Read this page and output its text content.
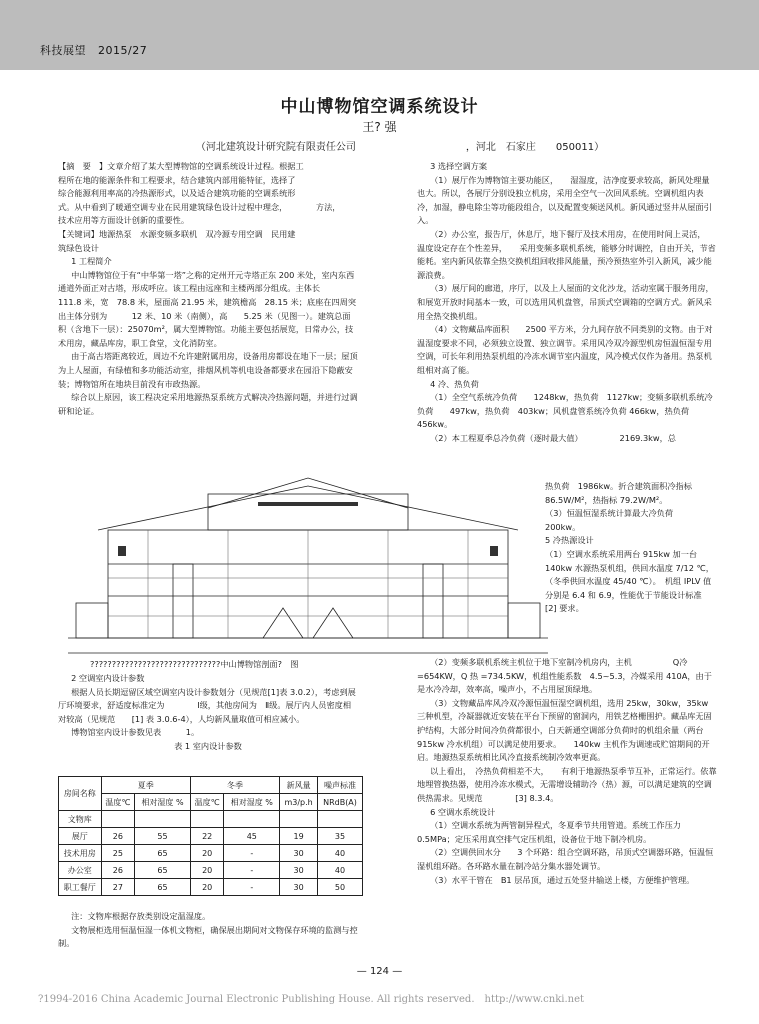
科技展望 2015/27
中山博物馆空调系统设计
王? 强
（河北建筑设计研究院有限责任公司　　　　　　　　　　　，河北　石家庄　　050011）

【摘　要　】文章介绍了某大型博物馆的空调系统设计过程。根据工

程所在地的能源条件和工程要求，结合建筑内部用能特征，选择了

综合能源利用率高的冷热源形式，以及适合建筑功能的空调系统形

式。从中看到了暖通空调专业在民用建筑绿色设计过程中理念，　　　　方法，

技术应用等方面设计创新的重要性。

【关键词】地源热泵　水源变频多联机　双冷源专用空调　民用建

筑绿色设计

1 工程简介

中山博物馆位于有“中华第一塔”之称的定州开元寺塔正东 200 米处，室内东西通道外面正对古塔，形成呼应。该工程由远座和主楼两部分组成。主体长　　　111.8 米，宽　78.8 米，屋面高 21.95 米，建筑檐高　28.15 米；底座在四周突出主体分别为　　　12 米、10 米（南侧），高　　5.25 米（见图一）。建筑总面积（含地下一层）：25070m²，属大型博物馆。功能主要包括展览，日常办公，技术用房，藏品库房，职工食堂，文化消防室。

由于高古塔距离较近，周边不允许建附属用房，设备用房都设在地下一层；屋顶为上人屋面，有绿植和多功能活动室，排烟风机等机电设备都要求在园沿下隐蔽安装；博物馆所在地块目前没有市政热源。

综合以上原因，该工程决定采用地源热泵系统方式解决冷热源问题，并进行过调研和论证。

3 选择空调方案

（1）展厅作为博物馆主要功能区，　　湿湿度，洁净度要求较高，新风处理量也大。所以，各展厅分别设独立机房，采用全空气一次回风系统。空调机组内表冷，加湿，静电除尘等功能段组合，以及配置变频送风机。新风通过竖井从屋面引入。

（2）办公室，报告厅，休息厅，地下餐厅及技术用房，在使用时间上灵活，　温度设定存在个性差异，　　采用变频多联机系统，能够分时调控，自由开关，节省能耗。室内新风依靠全热交换机组回收排风能量，预冷预热室外引入新风，减少能源浪费。

（3）展厅间的廊道，序厅，以及上人屋面的文化沙龙，活动室属于服务用房，和展览开放时间基本一致，可以选用风机盘管，吊顶式空调箱的空调方式。新风采用全热交换机组。

（4）文物藏品库面积　　2500 平方米，分九间存放不同类别的文物。由于对温湿度要求不同，必须独立设置、独立调节。采用风冷双冷源型机房恒温恒湿专用空调，可长年利用热泵机组的冷冻水调节室内温度，风冷模式仅作为备用。热泵机组相对高了能。

4 冷、热负荷

（1）全空气系统冷负荷　　1248kw，热负荷　1127kw；变频多联机系统冷负荷　　497kw，热负荷　403kw；风机盘管系统冷负荷 466kw，热负荷　456kw。

（2）本工程夏季总冷负荷（逐时最大值）　　　　　2169.3kw，总

热负荷　1986kw。折合建筑面积冷指标　86.5W/M²，热指标 79.2W/M²。

（3）恒温恒湿系统计算最大冷负荷　200kw。

5 冷热源设计

（1）空调水系统采用两台 915kw 加一台 140kw 水源热泵机组，供回水温度 7/12 ℃，（冬季供回水温度 45/40 ℃）。　机组 IPLV 值分别是 6.4 和 6.9，性能优于节能设计标准　　[2] 要求。

??????????????????????????????中山博物馆剖面?　图

2 空调室内设计参数

根据人员长期逗留区域空调室内设计参数划分（见规范[1]表 3.0.2），考虑到展厅环境要求，舒适度标准定为　　　　Ⅰ级，其他房间为　Ⅱ级。展厅内人员密度相对较高（见规范　　[1] 表 3.0.6-4），人均新风量取值可相应减小。

博物馆室内设计参数见表　　　1。

表 1 室内设计参数

房间名称	夏季		冬季		新风量	噪声标准
	温度℃	相对湿度 %	温度℃	相对湿度 %	m3/p.h	NRdB(A)
文物库						
展厅	26	55	22	45	19	35
技术用房	25	65	20	-	30	40
办公室	26	65	20	-	30	40
职工餐厅	27	65	20	-	30	50

注：文物库根据存放类别设定温湿度。

文物展柜选用恒温恒湿一体机文物柜，确保展出期间对文物保存环境的监测与控制。

（2）变频多联机系统主机位于地下室制冷机房内，主机　　　　　Q冷 =654KW，Q 热 =734.5KW，机组性能系数　4.5~5.3，冷媒采用 410A，由于是水冷冷却，效率高，噪声小，不占用屋顶绿地。

（3）文物藏品库风冷双冷源恒温恒湿空调机组，选用 25kw，30kw，35kw 三种机型，冷凝器就近安装在平台下预留的窗洞内，用铁艺格栅围护。藏品库无固护结构，大部分时间冷负荷都很小，白天新通空调部分负荷时的机组余量（两台　　　915kw 冷水机组）可以满足使用要求。　　140kw 主机作为调速或贮馆期间的开启。地源热泵系统相比风冷直接系统制冷效率更高。

以上看出，　冷热负荷相差不大，　　有利于地源热泵季节互补，正常运行。依靠地埋管换热器，使用冷冻水模式，无需增设辅助冷（热）源，可以满足建筑的空调供热需求。见规范　　　　[3] 8.3.4。

6 空调水系统设计

（1）空调水系统为两管制异程式，冬夏季节共用管道。系统工作压力　0.5MPa；定压采用真空排气定压机组，设备位于地下制冷机房。

（2）空调供回水分　　3 个环路：组合空调环路，吊顶式空调器环路，恒温恒湿机组环路。各环路水量在制冷站分集水器处调节。

（3）水平干管在　B1 层吊顶，通过五处竖井输送上楼，方便维护管理。

— 124 —
?1994-2016 China Academic Journal Electronic Publishing House. All rights reserved.　http://www.cnki.net
